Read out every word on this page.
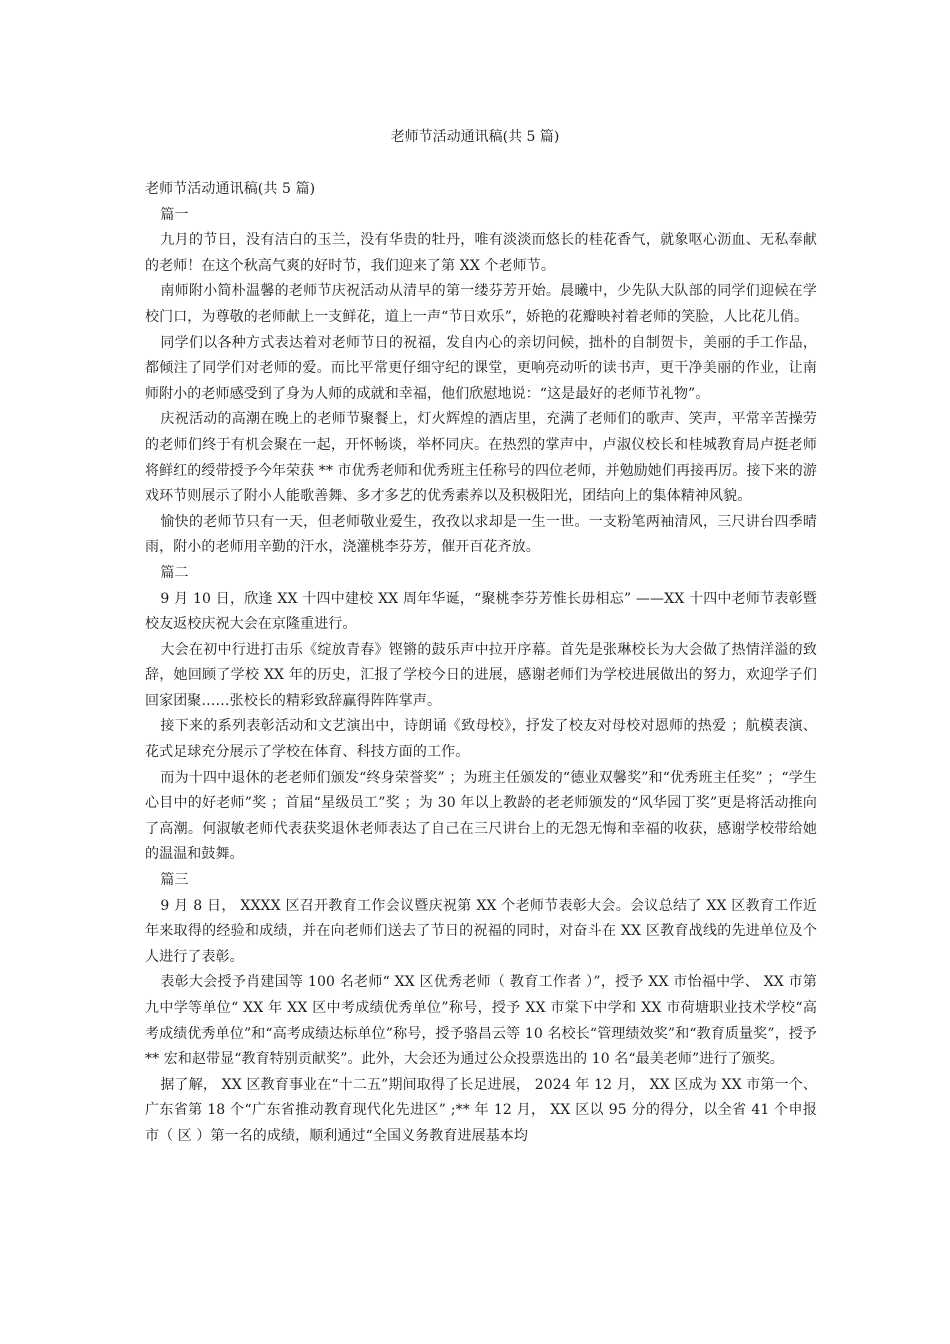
老师节活动通讯稿(共 5 篇)

老师节活动通讯稿(共 5 篇)

篇一

九月的节日，没有洁白的玉兰，没有华贵的牡丹，唯有淡淡而悠长的桂花香气，就象呕心沥血、无私奉献的老师！在这个秋高气爽的好时节，我们迎来了第 XX 个老师节。

南师附小简朴温馨的老师节庆祝活动从清早的第一缕芬芳开始。晨曦中，少先队大队部的同学们迎候在学校门口，为尊敬的老师献上一支鲜花，道上一声“节日欢乐”，娇艳的花瓣映衬着老师的笑脸，人比花儿俏。

同学们以各种方式表达着对老师节日的祝福，发自内心的亲切问候，拙朴的自制贺卡，美丽的手工作品，都倾注了同学们对老师的爱。而比平常更仔细守纪的课堂，更响亮动听的读书声，更干净美丽的作业，让南师附小的老师感受到了身为人师的成就和幸福，他们欣慰地说：“这是最好的老师节礼物”。

庆祝活动的高潮在晚上的老师节聚餐上，灯火辉煌的酒店里，充满了老师们的歌声、笑声，平常辛苦操劳的老师们终于有机会聚在一起，开怀畅谈，举杯同庆。在热烈的掌声中，卢淑仪校长和桂城教育局卢挺老师将鲜红的绶带授予今年荣获 ** 市优秀老师和优秀班主任称号的四位老师，并勉励她们再接再厉。接下来的游戏环节则展示了附小人能歌善舞、多才多艺的优秀素养以及积极阳光，团结向上的集体精神风貌。

愉快的老师节只有一天，但老师敬业爱生，孜孜以求却是一生一世。一支粉笔两袖清风，三尺讲台四季晴雨，附小的老师用辛勤的汗水，浇灌桃李芬芳，催开百花齐放。

篇二

9 月 10 日，欣逢 XX 十四中建校 XX 周年华诞，“聚桃李芬芳惟长毋相忘” ——XX 十四中老师节表彰暨校友返校庆祝大会在京隆重进行。

大会在初中行进打击乐《绽放青春》铿锵的鼓乐声中拉开序幕。首先是张琳校长为大会做了热情洋溢的致辞，她回顾了学校 XX 年的历史，汇报了学校今日的进展，感谢老师们为学校进展做出的努力，欢迎学子们回家团聚……张校长的精彩致辞赢得阵阵掌声。

接下来的系列表彰活动和文艺演出中，诗朗诵《致母校》，抒发了校友对母校对恩师的热爱 ；航模表演、花式足球充分展示了学校在体育、科技方面的工作。

而为十四中退休的老老师们颁发“终身荣誉奖” ；为班主任颁发的“德业双馨奖”和“优秀班主任奖” ；“学生心目中的好老师”奖 ；首届“星级员工”奖 ；为 30 年以上教龄的老老师颁发的“风华园丁奖”更是将活动推向了高潮。何淑敏老师代表获奖退休老师表达了自己在三尺讲台上的无怨无悔和幸福的收获，感谢学校带给她的温温和鼓舞。

篇三

9 月 8 日， XXXX 区召开教育工作会议暨庆祝第 XX 个老师节表彰大会。会议总结了 XX 区教育工作近年来取得的经验和成绩，并在向老师们送去了节日的祝福的同时，对奋斗在 XX 区教育战线的先进单位及个人进行了表彰。

表彰大会授予肖建国等 100 名老师“ XX 区优秀老师（ 教育工作者 ）”，授予 XX 市怡福中学、 XX 市第九中学等单位“ XX 年 XX 区中考成绩优秀单位”称号，授予 XX 市棠下中学和 XX 市荷塘职业技术学校“高考成绩优秀单位”和“高考成绩达标单位”称号，授予骆昌云等 10 名校长“管理绩效奖”和“教育质量奖”，授予 ** 宏和赵带显“教育特别贡献奖”。此外，大会还为通过公众投票选出的 10 名“最美老师”进行了颁奖。

据了解， XX 区教育事业在“十二五”期间取得了长足进展， 2024 年 12 月， XX 区成为 XX 市第一个、广东省第 18 个“广东省推动教育现代化先进区” ;** 年 12 月， XX 区以 95 分的得分，以全省 41 个申报市（ 区 ）第一名的成绩，顺利通过“全国义务教育进展基本均
